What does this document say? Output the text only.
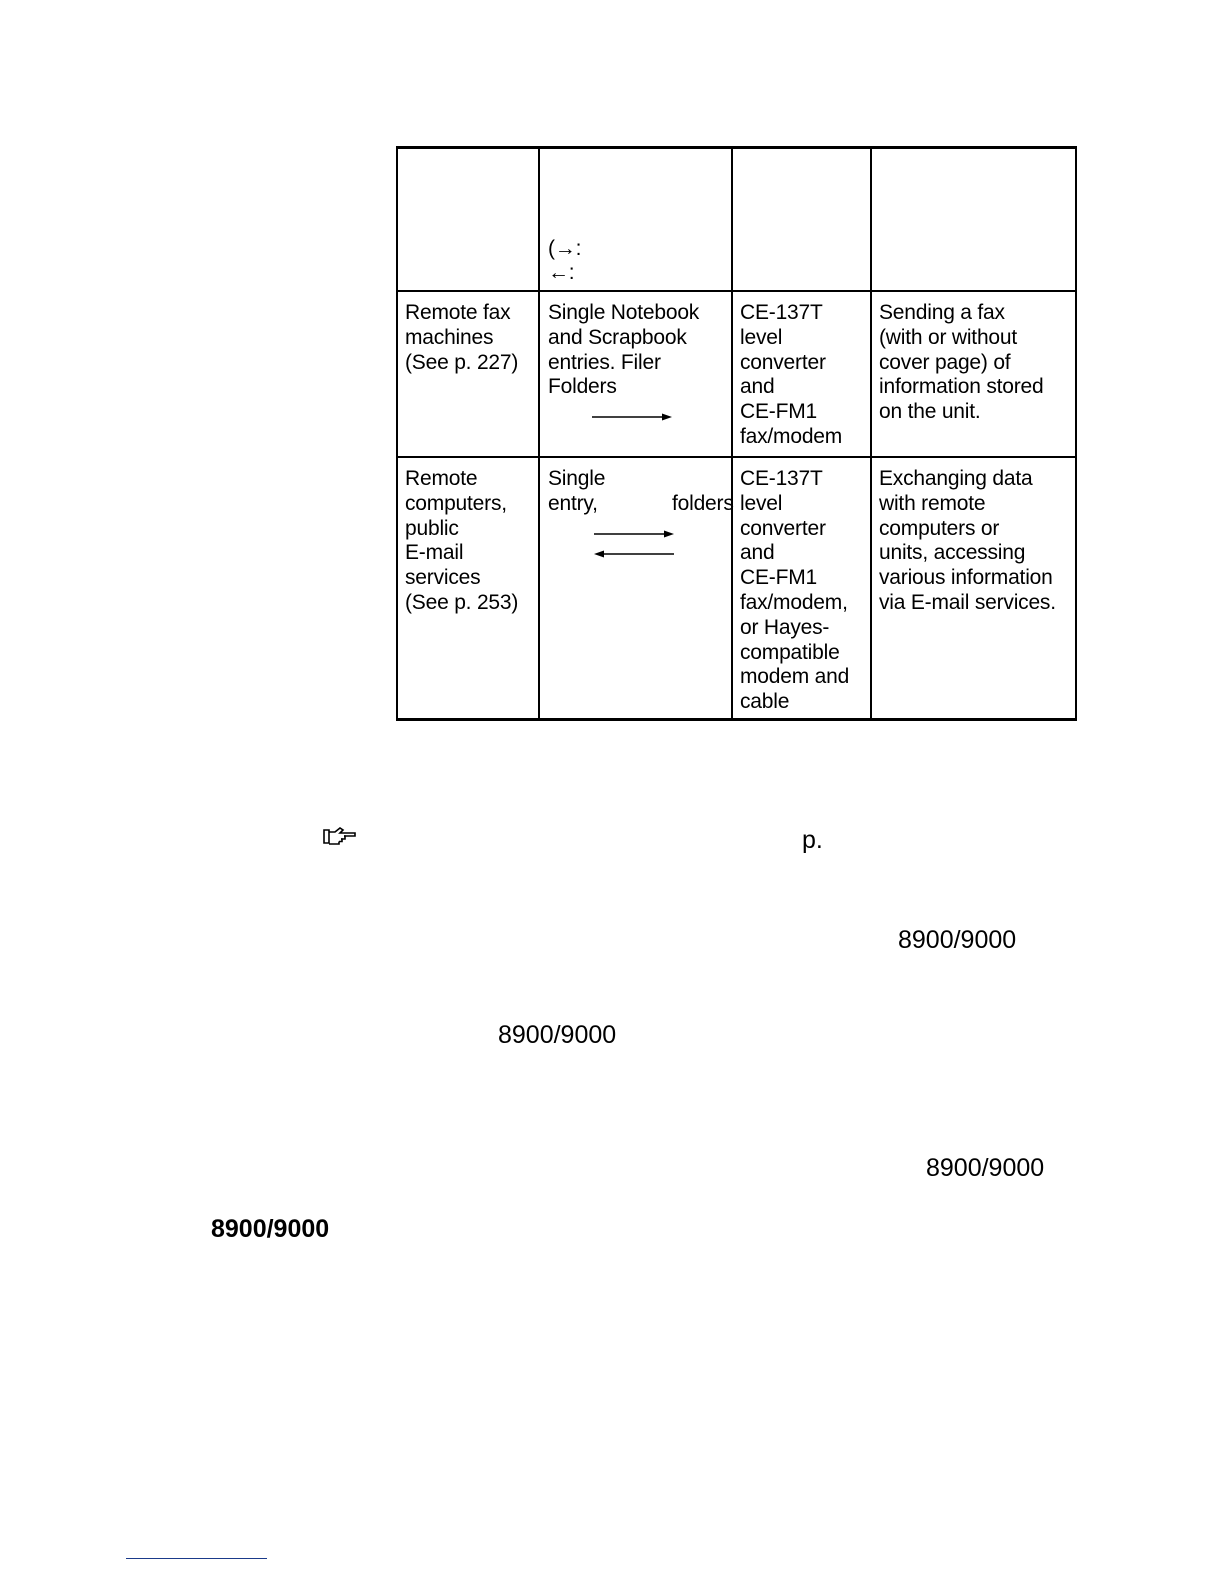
(→:
←:
Remote fax
machines
(See p. 227)
Single Notebook
and Scrapbook
entries. Filer
Folders
CE-137T
level
converter
and
CE-FM1
fax/modem
Sending a fax
(with or without
cover page) of
information stored
on the unit.
Remote
computers,
public
E-mail
services
(See p. 253)
Single
entry,	folders
CE-137T
level
converter
and
CE-FM1
fax/modem,
or Hayes-
compatible
modem and
cable
Exchanging data
with remote
computers or
units, accessing
various information
via E-mail services.
p.
8900/9000
8900/9000
8900/9000
8900/9000
